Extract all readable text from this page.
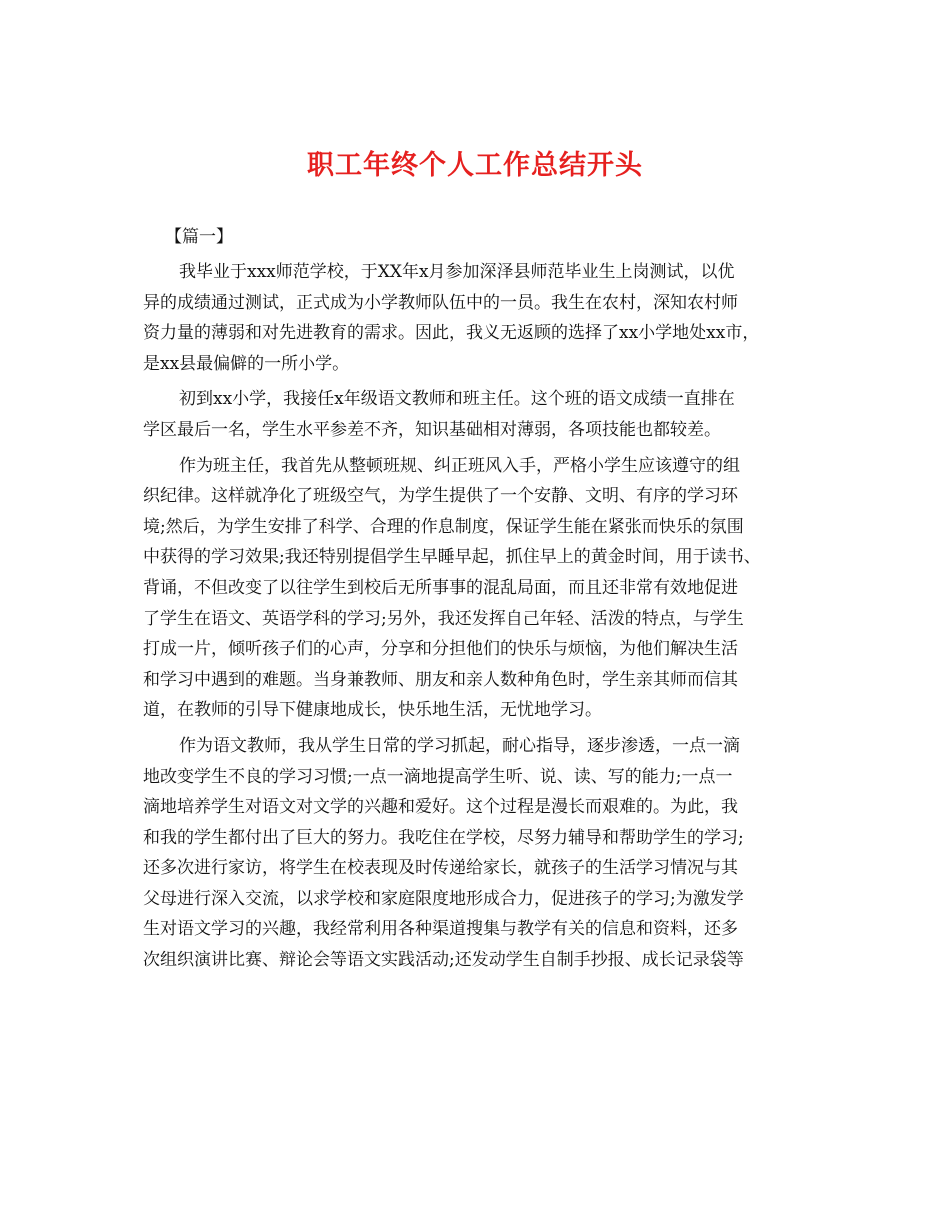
职工年终个人工作总结开头
【篇一】
我毕业于xxx师范学校，于XX年x月参加深泽县师范毕业生上岗测试，以优
异的成绩通过测试，正式成为小学教师队伍中的一员。我生在农村，深知农村师
资力量的薄弱和对先进教育的需求。因此，我义无返顾的选择了xx小学地处xx市，
是xx县最偏僻的一所小学。
初到xx小学，我接任x年级语文教师和班主任。这个班的语文成绩一直排在
学区最后一名，学生水平参差不齐，知识基础相对薄弱，各项技能也都较差。
作为班主任，我首先从整顿班规、纠正班风入手，严格小学生应该遵守的组
织纪律。这样就净化了班级空气，为学生提供了一个安静、文明、有序的学习环
境;然后，为学生安排了科学、合理的作息制度，保证学生能在紧张而快乐的氛围
中获得的学习效果;我还特别提倡学生早睡早起，抓住早上的黄金时间，用于读书、
背诵，不但改变了以往学生到校后无所事事的混乱局面，而且还非常有效地促进
了学生在语文、英语学科的学习;另外，我还发挥自己年轻、活泼的特点，与学生
打成一片，倾听孩子们的心声，分享和分担他们的快乐与烦恼，为他们解决生活
和学习中遇到的难题。当身兼教师、朋友和亲人数种角色时，学生亲其师而信其
道，在教师的引导下健康地成长，快乐地生活，无忧地学习。
作为语文教师，我从学生日常的学习抓起，耐心指导，逐步渗透，一点一滴
地改变学生不良的学习习惯;一点一滴地提高学生听、说、读、写的能力;一点一
滴地培养学生对语文对文学的兴趣和爱好。这个过程是漫长而艰难的。为此，我
和我的学生都付出了巨大的努力。我吃住在学校，尽努力辅导和帮助学生的学习;
还多次进行家访，将学生在校表现及时传递给家长，就孩子的生活学习情况与其
父母进行深入交流，以求学校和家庭限度地形成合力，促进孩子的学习;为激发学
生对语文学习的兴趣，我经常利用各种渠道搜集与教学有关的信息和资料，还多
次组织演讲比赛、辩论会等语文实践活动;还发动学生自制手抄报、成长记录袋等
